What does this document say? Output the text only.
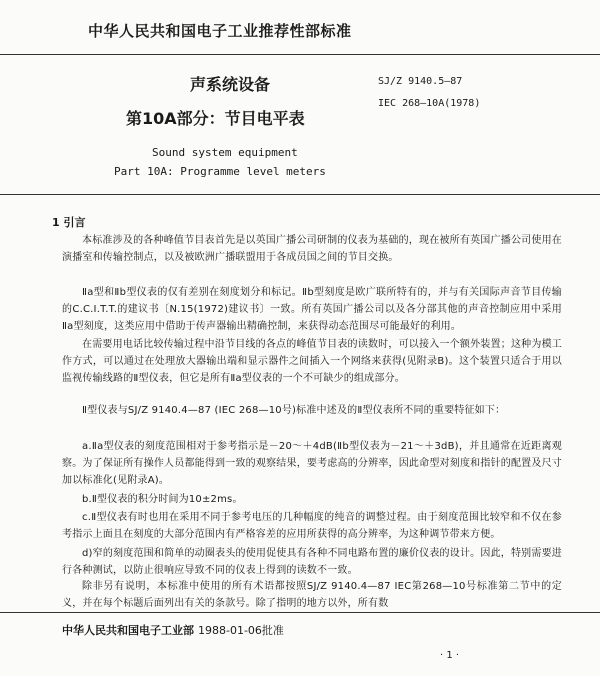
中华人民共和国电子工业推荐性部标准
声系统设备	SJ/Z 9140.5—87
第10A部分：节目电平表
IEC 268—10A(1978)
Sound system equipment
Part 10A: Programme level meters
1 引言
本标准涉及的各种峰值节目表首先是以英国广播公司研制的仪表为基础的，现在被所有英国广播公司使用在演播室和传输控制点，以及被欧洲广播联盟用于各成员国之间的节目交换。
Ⅱa型和Ⅱb型仪表的仅有差别在刻度划分和标记。Ⅱb型刻度是欧广联所特有的，并与有关国际声音节目传输的C.C.I.T.T.的建议书〔N.15(1972)建议书〕一致。所有英国广播公司以及各分部其他的声音控制应用中采用Ⅱa型刻度，这类应用中借助于传声器输出精确控制，来获得动态范围尽可能最好的利用。
在需要用电话比较传输过程中沿节目线的各点的峰值节目表的读数时，可以接入一个额外装置；这种为模工作方式，可以通过在处理放大器输出端和显示器件之间插入一个网络来获得(见附录B)。这个装置只适合于用以监视传输线路的Ⅱ型仪表，但它是所有Ⅱa型仪表的一个不可缺少的组成部分。
Ⅱ型仪表与SJ/Z 9140.4—87 (IEC 268—10号)标准中述及的Ⅱ型仪表所不同的重要特征如下：
a.Ⅱa型仪表的刻度范围相对于参考指示是－20～＋4dB(Ⅱb型仪表为－21～＋3dB)，并且通常在近距离观察。为了保证所有操作人员都能得到一致的观察结果，要考虑高的分辨率，因此命型对刻度和指针的配置及尺寸加以标准化(见附录A)。
b.Ⅱ型仪表的积分时间为10±2ms。
c.Ⅱ型仪表有时也用在采用不同于参考电压的几种幅度的纯音的调整过程。由于刻度范围比较窄和不仅在参考指示上面且在刻度的大部分范围内有严格容差的应用所获得的高分辨率，为这种调节带来方便。
d)窄的刻度范围和简单的动圈表头的使用促使具有各种不同电路布置的廉价仪表的设计。因此，特别需要进行各种测试，以防止很响应导致不同的仪表上得到的读数不一致。
除非另有说明，本标准中使用的所有术语都按照SJ/Z 9140.4—87 IEC第268—10号标准第二节中的定义，并在每个标题后面列出有关的条款号。除了指明的地方以外，所有数
中华人民共和国电子工业部 1988-01-06批准
· 1 ·
